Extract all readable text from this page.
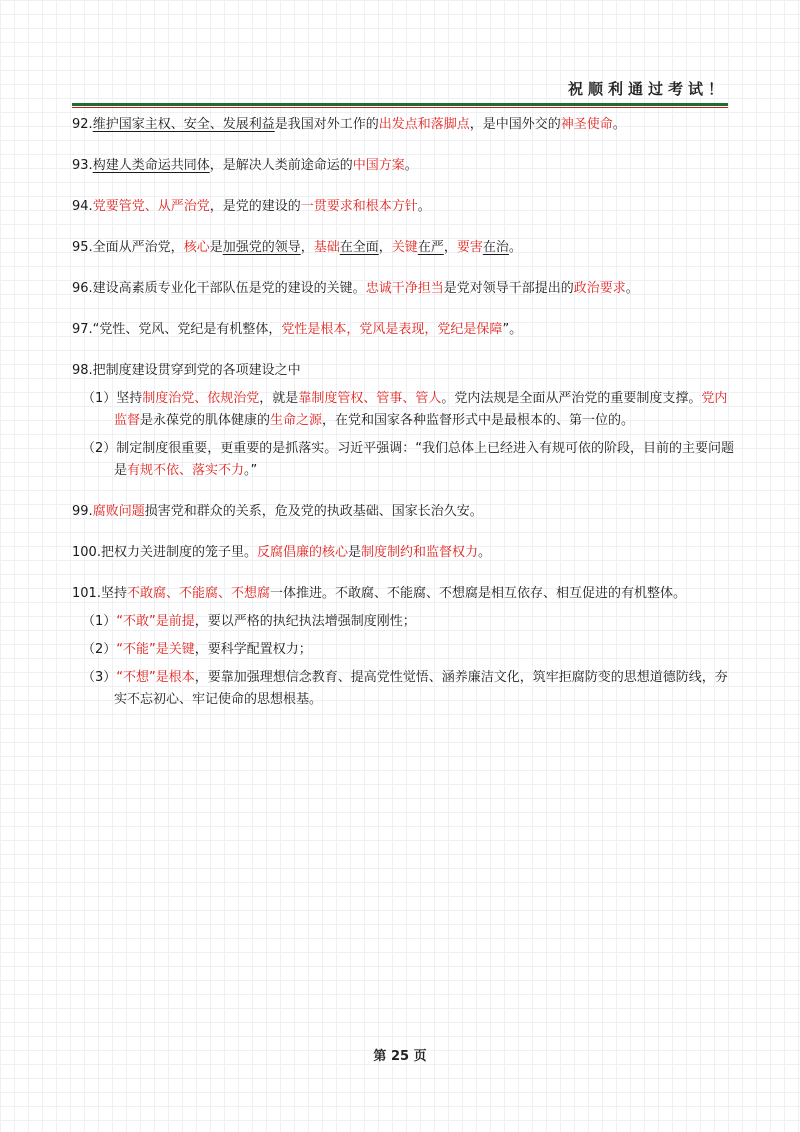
祝顺利通过考试！

92.维护国家主权、安全、发展利益是我国对外工作的出发点和落脚点，是中国外交的神圣使命。

93.构建人类命运共同体，是解决人类前途命运的中国方案。

94.党要管党、从严治党，是党的建设的一贯要求和根本方针。

95.全面从严治党，核心是加强党的领导，基础在全面，关键在严，要害在治。

96.建设高素质专业化干部队伍是党的建设的关键。忠诚干净担当是党对领导干部提出的政治要求。

97.“党性、党风、党纪是有机整体，党性是根本，党风是表现，党纪是保障”。

98.把制度建设贯穿到党的各项建设之中

（1）坚持制度治党、依规治党，就是靠制度管权、管事、管人。党内法规是全面从严治党的重要制度支撑。党内监督是永葆党的肌体健康的生命之源，在党和国家各种监督形式中是最根本的、第一位的。

（2）制定制度很重要，更重要的是抓落实。习近平强调：“我们总体上已经进入有规可依的阶段，目前的主要问题是有规不依、落实不力。”

99.腐败问题损害党和群众的关系，危及党的执政基础、国家长治久安。

100.把权力关进制度的笼子里。反腐倡廉的核心是制度制约和监督权力。

101.坚持不敢腐、不能腐、不想腐一体推进。不敢腐、不能腐、不想腐是相互依存、相互促进的有机整体。

（1）“不敢”是前提，要以严格的执纪执法增强制度刚性；

（2）“不能”是关键，要科学配置权力；

（3）“不想”是根本，要靠加强理想信念教育、提高党性觉悟、涵养廉洁文化，筑牢拒腐防变的思想道德防线，夯实不忘初心、牢记使命的思想根基。

第 25 页
